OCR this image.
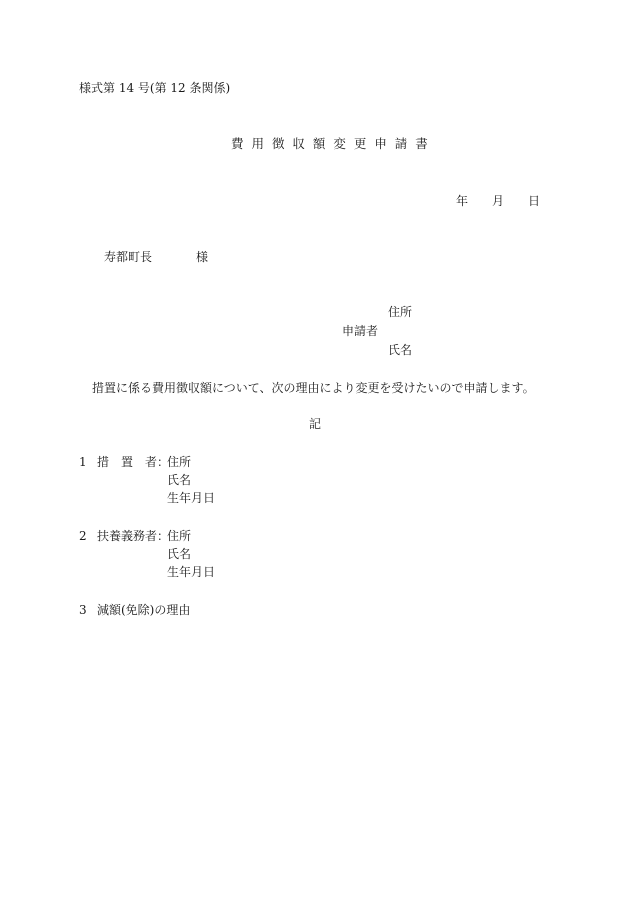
様式第 14 号(第 12 条関係)
費 用 徴 収 額 変 更 申 請 書
年　　月　　日
寿都町長	様
住所
申請者
氏名
措置に係る費用徴収額について、次の理由により変更を受けたいので申請します。
記
1 措　置　者：
住所
氏名
生年月日
2 扶養義務者：
住所
氏名
生年月日
3 減額(免除)の理由
